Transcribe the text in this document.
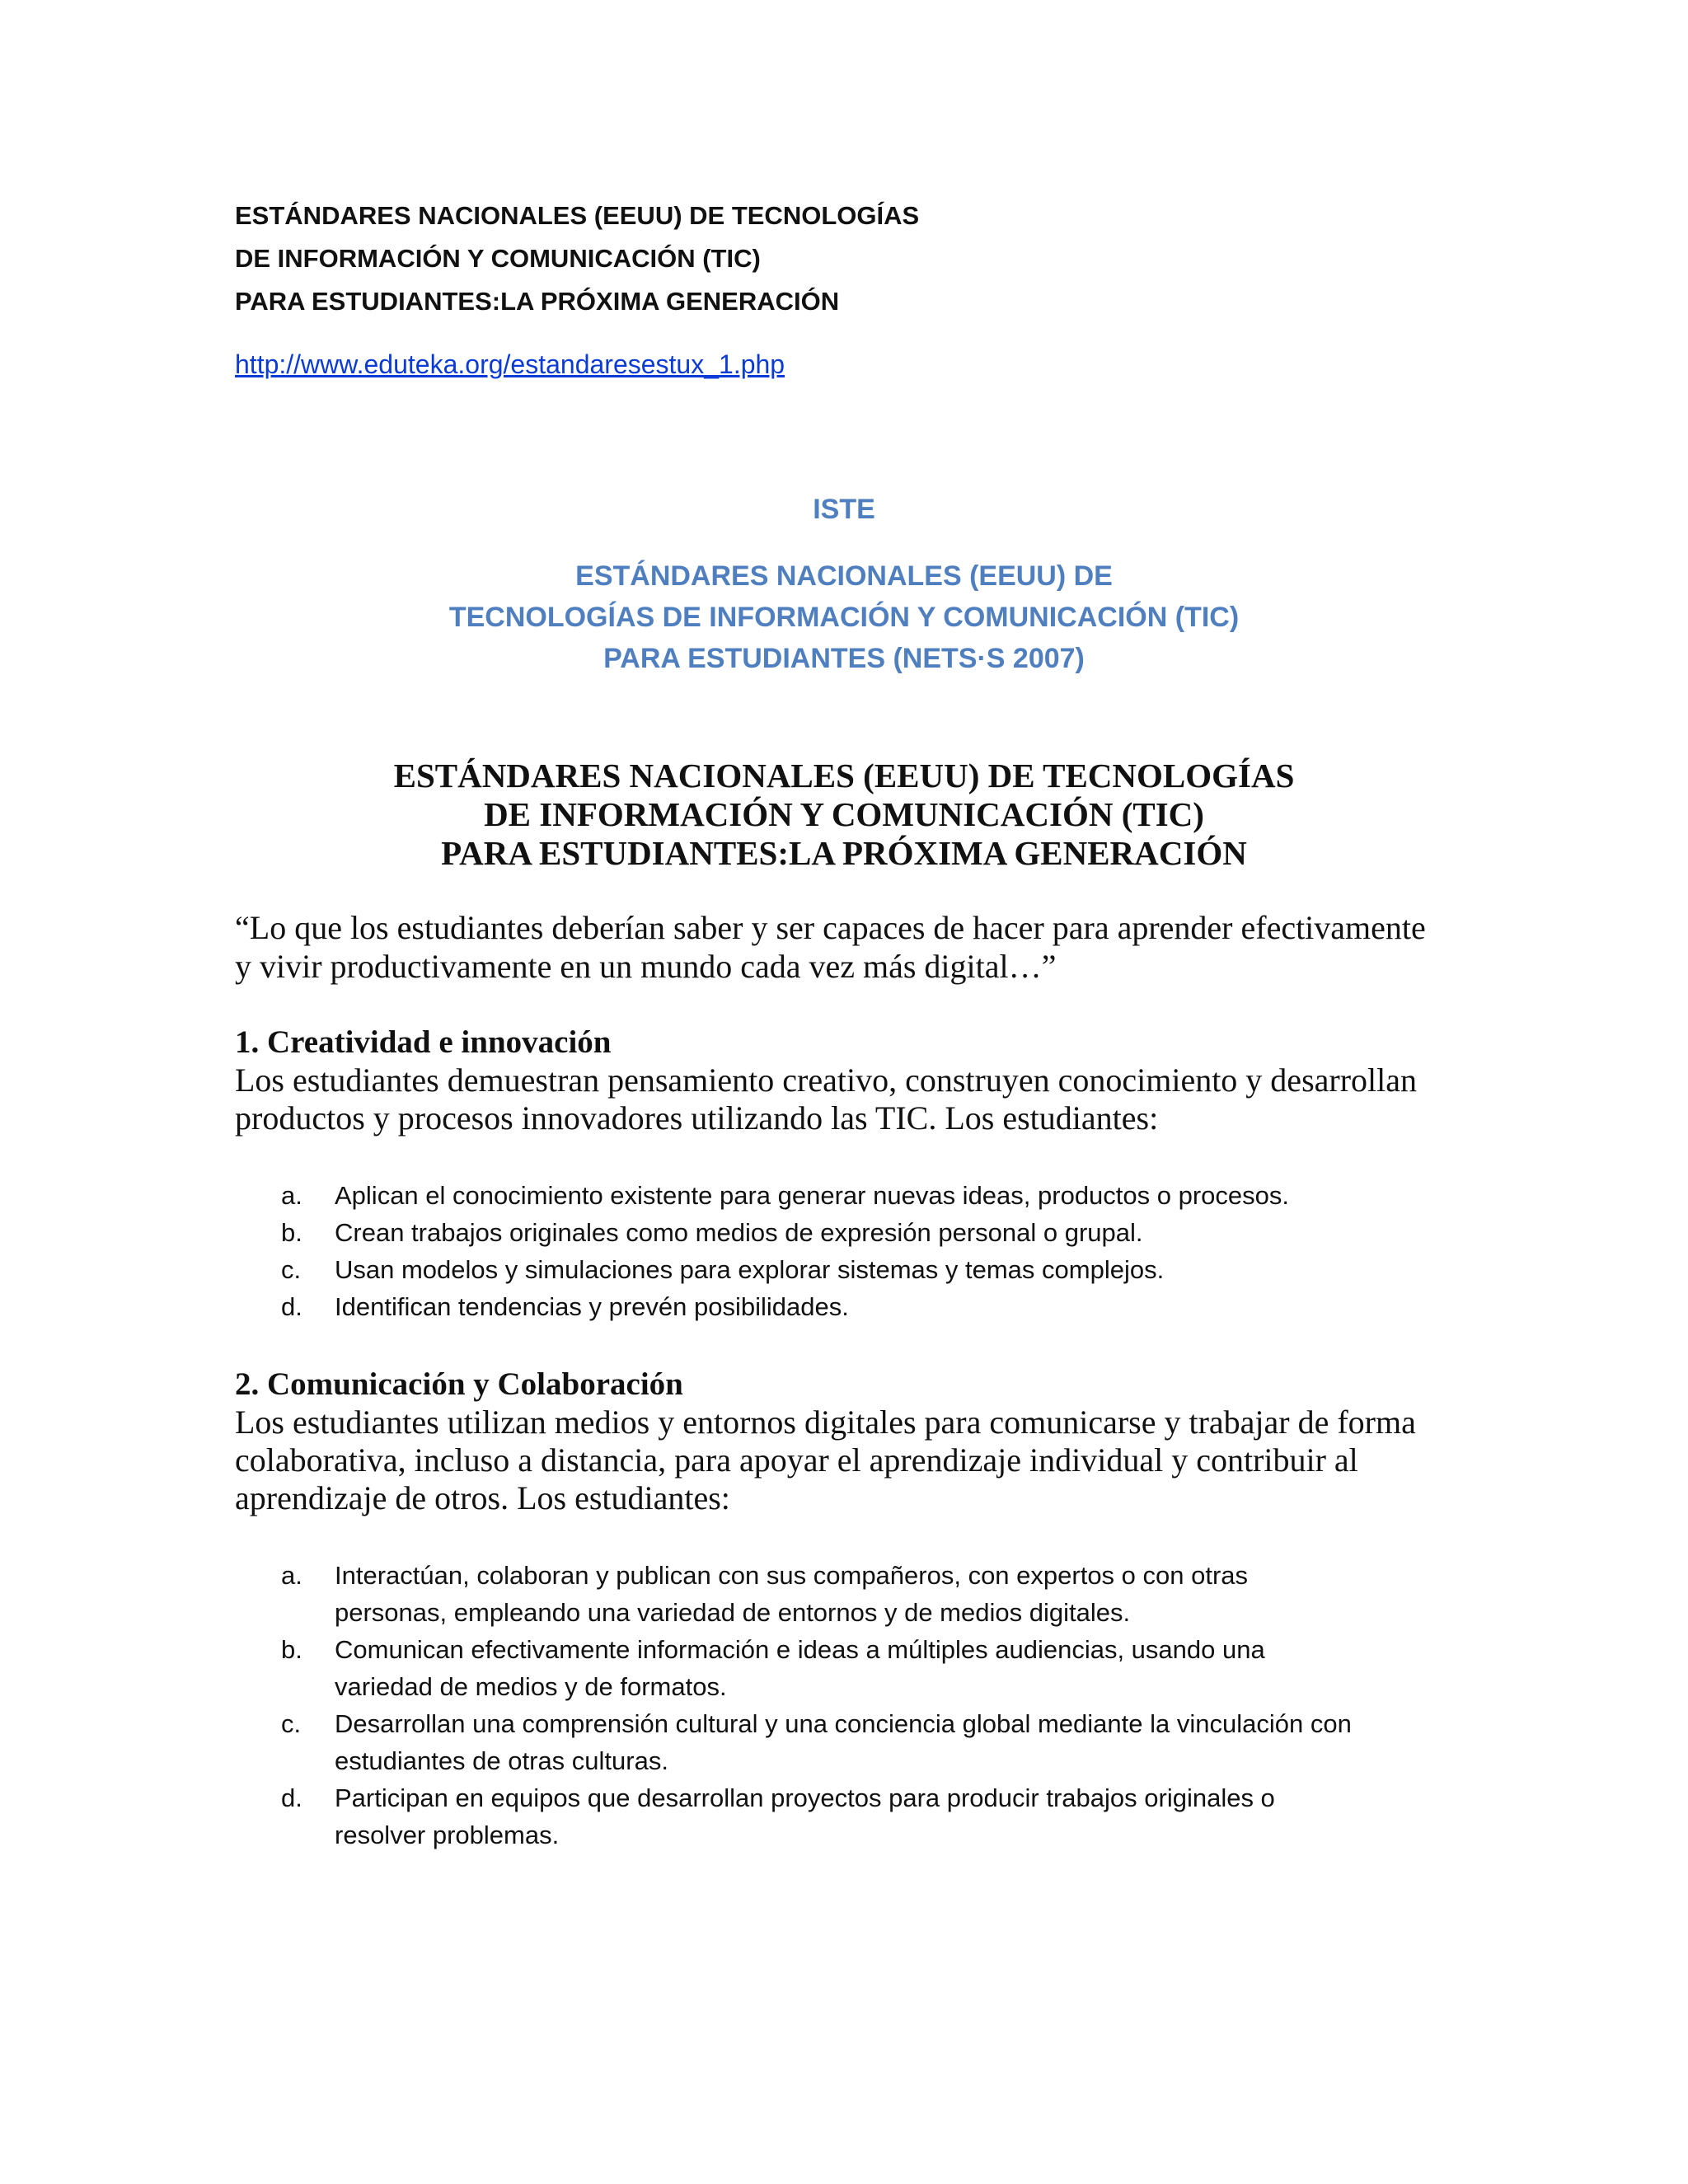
ESTÁNDARES NACIONALES (EEUU) DE TECNOLOGÍAS
DE INFORMACIÓN Y COMUNICACIÓN (TIC)
PARA ESTUDIANTES:LA PRÓXIMA GENERACIÓN
http://www.eduteka.org/estandaresestux_1.php
ISTE
ESTÁNDARES NACIONALES (EEUU) DE
TECNOLOGÍAS DE INFORMACIÓN Y COMUNICACIÓN (TIC)
PARA ESTUDIANTES (NETS·S 2007)
ESTÁNDARES NACIONALES (EEUU) DE TECNOLOGÍAS
DE INFORMACIÓN Y COMUNICACIÓN (TIC)
PARA ESTUDIANTES:LA PRÓXIMA GENERACIÓN
“Lo que los estudiantes deberían saber y ser capaces de hacer para aprender efectivamente
y vivir productivamente en un mundo cada vez más digital…”
1. Creatividad e innovación
Los estudiantes demuestran pensamiento creativo, construyen conocimiento y desarrollan
productos y procesos innovadores utilizando las TIC. Los estudiantes:
a. Aplican el conocimiento existente para generar nuevas ideas, productos o procesos.
b. Crean trabajos originales como medios de expresión personal o grupal.
c. Usan modelos y simulaciones para explorar sistemas y temas complejos.
d. Identifican tendencias y prevén posibilidades.
2. Comunicación y Colaboración
Los estudiantes utilizan medios y entornos digitales para comunicarse y trabajar de forma
colaborativa, incluso a distancia, para apoyar el aprendizaje individual y contribuir al
aprendizaje de otros. Los estudiantes:
a. Interactúan, colaboran y publican con sus compañeros, con expertos o con otras
personas, empleando una variedad de entornos y de medios digitales.
b. Comunican efectivamente información e ideas a múltiples audiencias, usando una
variedad de medios y de formatos.
c. Desarrollan una comprensión cultural y una conciencia global mediante la vinculación con
estudiantes de otras culturas.
d. Participan en equipos que desarrollan proyectos para producir trabajos originales o
resolver problemas.
